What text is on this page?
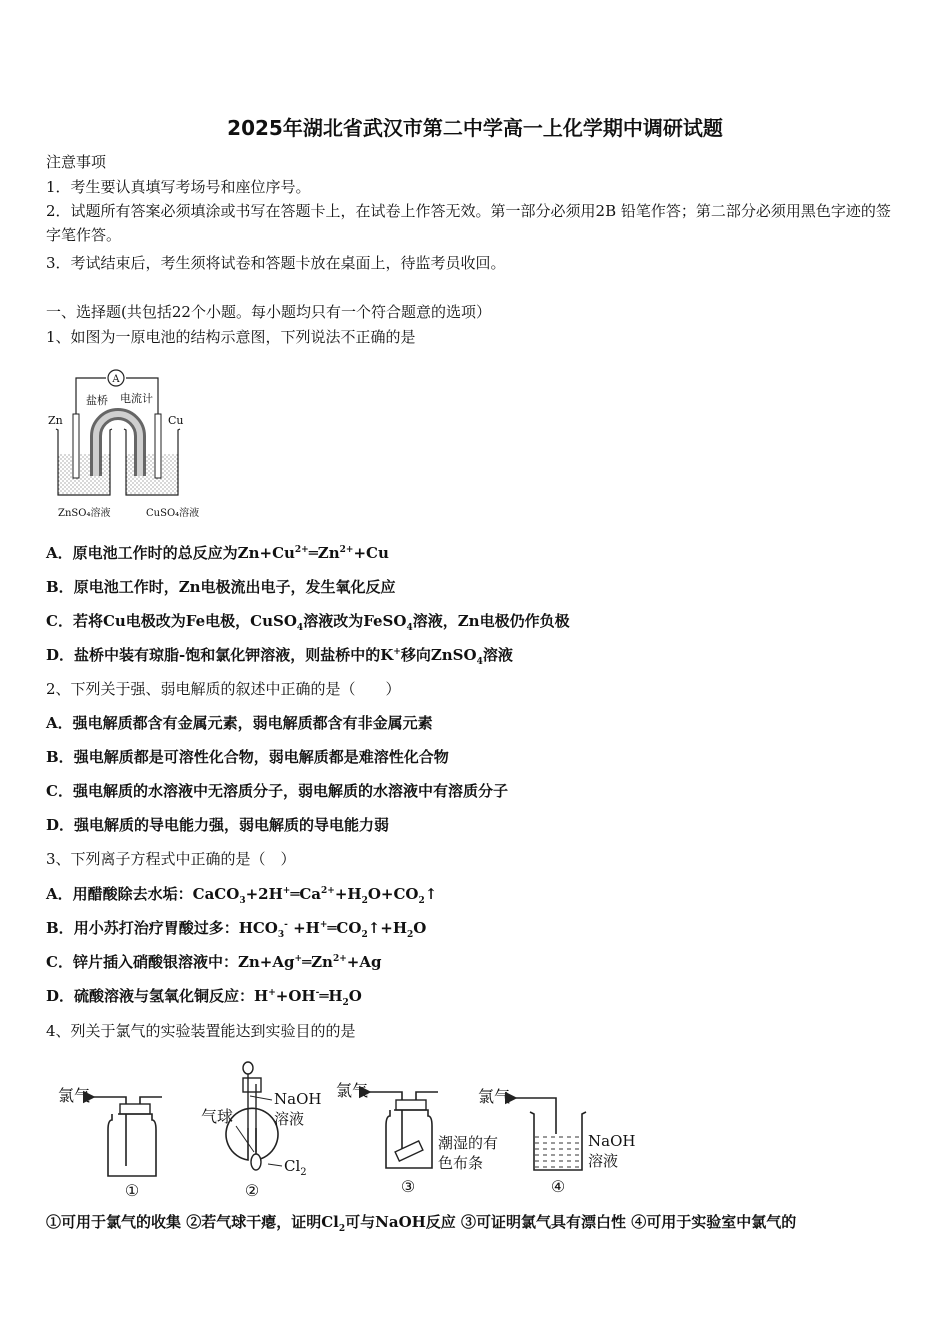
2025年湖北省武汉市第二中学高一上化学期中调研试题
注意事项
1．考生要认真填写考场号和座位序号。
2．试题所有答案必须填涂或书写在答题卡上，在试卷上作答无效。第一部分必须用2B 铅笔作答；第二部分必须用黑色字迹的签字笔作答。
3．考试结束后，考生须将试卷和答题卡放在桌面上，待监考员收回。
一、选择题(共包括22个小题。每小题均只有一个符合题意的选项）
1、如图为一原电池的结构示意图，下列说法不正确的是
A
盐桥 电流计
Zn	Cu
ZnSO₄溶液	CuSO₄溶液
A．原电池工作时的总反应为$Zn+Cu^{2+}═Zn^{2+}+Cu$
B．原电池工作时，Zn电极流出电子，发生氧化反应
C．若将Cu电极改为Fe电极，CuSO$_4$溶液改为FeSO$_4$溶液，Zn电极仍作负极
D．盐桥中装有琼脂-饱和氯化钾溶液，则盐桥中的K+移向ZnSO$_4$溶液
2、下列关于强、弱电解质的叙述中正确的是（　　）
A．强电解质都含有金属元素，弱电解质都含有非金属元素
B．强电解质都是可溶性化合物，弱电解质都是难溶性化合物
C．强电解质的水溶液中无溶质分子，弱电解质的水溶液中有溶质分子
D．强电解质的导电能力强，弱电解质的导电能力弱
3、下列离子方程式中正确的是（　）
A．用醋酸除去水垢：$CaCO_3+2H^+═Ca^{2+}+H_2O+CO_2↑$
B．用小苏打治疗胃酸过多：$HCO_3^-$ $+H^+═CO_2↑+H_2O$
C．锌片插入硝酸银溶液中：$Zn+Ag^+═Zn^{2+}+Ag$
D．硫酸溶液与氢氧化铜反应：$H^++OH^-═H_2O$
4、列关于氯气的实验装置能达到实验目的的是
氯气
①
气球
NaOH
溶液
$Cl_2$
②
氯气
潮湿的有
色布条
③
氯气
NaOH
溶液
④
①可用于氯气的收集 ②若气球干瘪，证明$Cl_2$可与NaOH反应 ③可证明氯气具有漂白性 ④可用于实验室中氯气的
